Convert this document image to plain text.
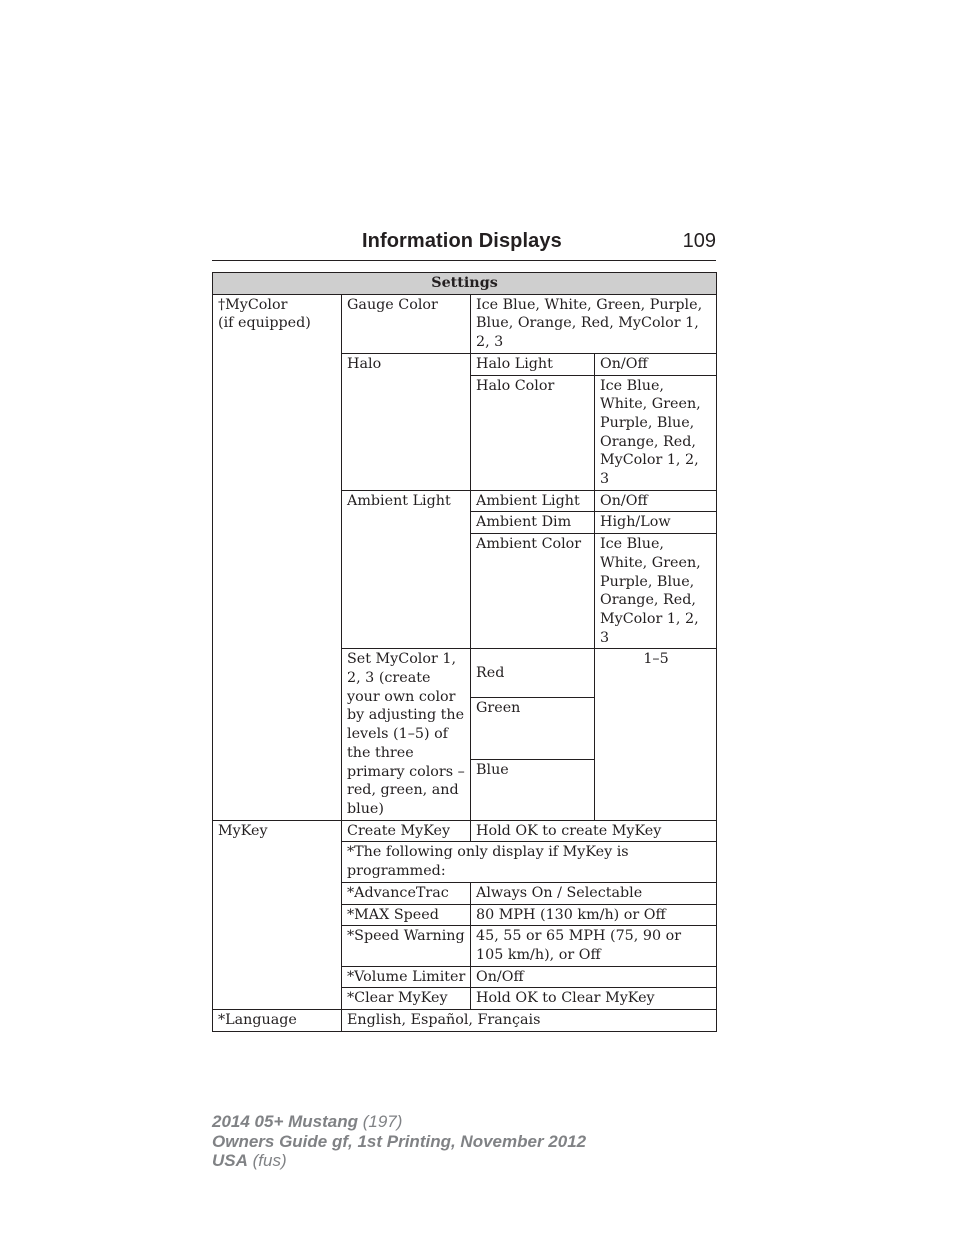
Information Displays	109
Settings			

†MyColor
(if equipped)	Gauge Color	Ice Blue, White, Green, Purple, Blue, Orange, Red, MyColor 1, 2, 3	
	Halo	Halo Light	On/Off
		Halo Color	Ice Blue, White, Green, Purple, Blue, Orange, Red, MyColor 1, 2, 3
	Ambient Light	Ambient Light	On/Off
		Ambient Dim	High/Low
		Ambient Color	Ice Blue, White, Green, Purple, Blue, Orange, Red, MyColor 1, 2, 3
	Set MyColor 1, 2, 3 (create your own color by adjusting the levels (1–5) of the three primary colors – red, green, and blue)	Red	1–5

		Green	

		Blue	

MyKey	Create MyKey	Hold OK to create MyKey	
	*The following only display if MyKey is programmed:		
	*AdvanceTrac	Always On / Selectable	
	*MAX Speed	80 MPH (130 km/h) or Off	
	*Speed Warning	45, 55 or 65 MPH (75, 90 or 105 km/h), or Off	
	*Volume Limiter	On/Off	
	*Clear MyKey	Hold OK to Clear MyKey	
*Language	English, Español, Français		
2014 05+ Mustang (197)
Owners Guide gf, 1st Printing, November 2012
USA (fus)
